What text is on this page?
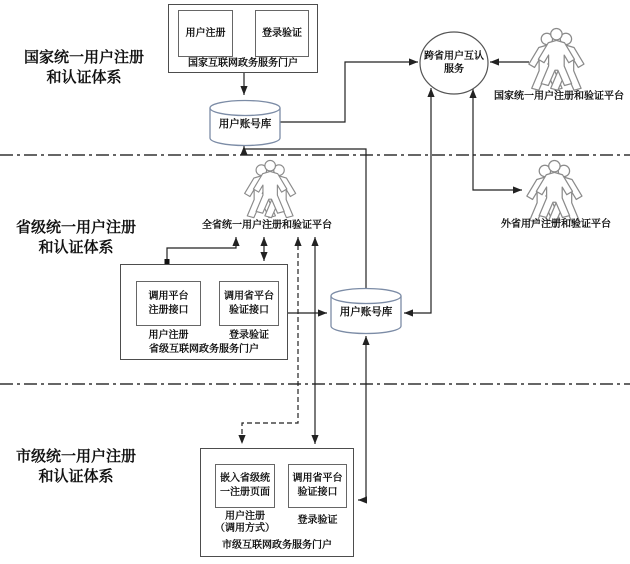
国家统一用户注册
和认证体系
省级统一用户注册
和认证体系
市级统一用户注册
和认证体系
用户注册	登录验证
国家互联网政务服务门户
用户账号库
跨省用户互认
服务
国家统一用户注册和验证平台
外省用户注册和验证平台
全省统一用户注册和验证平台
调用平台
注册接口
调用省平台
验证接口
用户注册	登录验证
省级互联网政务服务门户
用户账号库
嵌入省级统
一注册页面
调用省平台
验证接口
用户注册
（调用方式）
登录验证
市级互联网政务服务门户
